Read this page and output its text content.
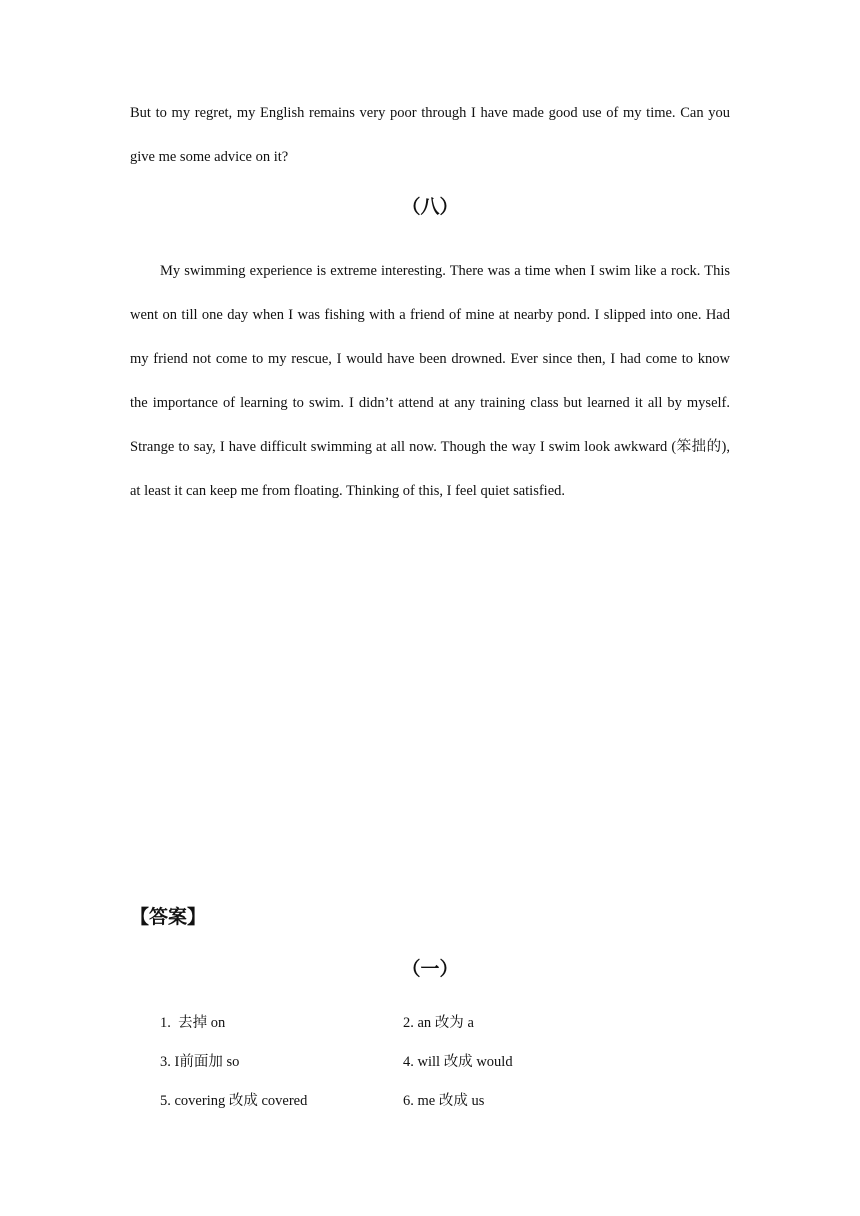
But to my regret, my English remains very poor through I have made good use of my time. Can you give me some advice on it?

（八）

My swimming experience is extreme interesting. There was a time when I swim like a rock. This went on till one day when I was fishing with a friend of mine at nearby pond. I slipped into one. Had my friend not come to my rescue, I would have been drowned. Ever since then, I had come to know the importance of learning to swim. I didn’t attend at any training class but learned it all by myself. Strange to say, I have difficult swimming at all now. Though the way I swim look awkward (笨拙的), at least it can keep me from floating. Thinking of this, I feel quiet satisfied.

【答案】
（一）
1. 去掉 on	2. an 改为 a
3. I前面加 so	4. will 改成 would
5. covering 改成 covered	6. me 改成 us
